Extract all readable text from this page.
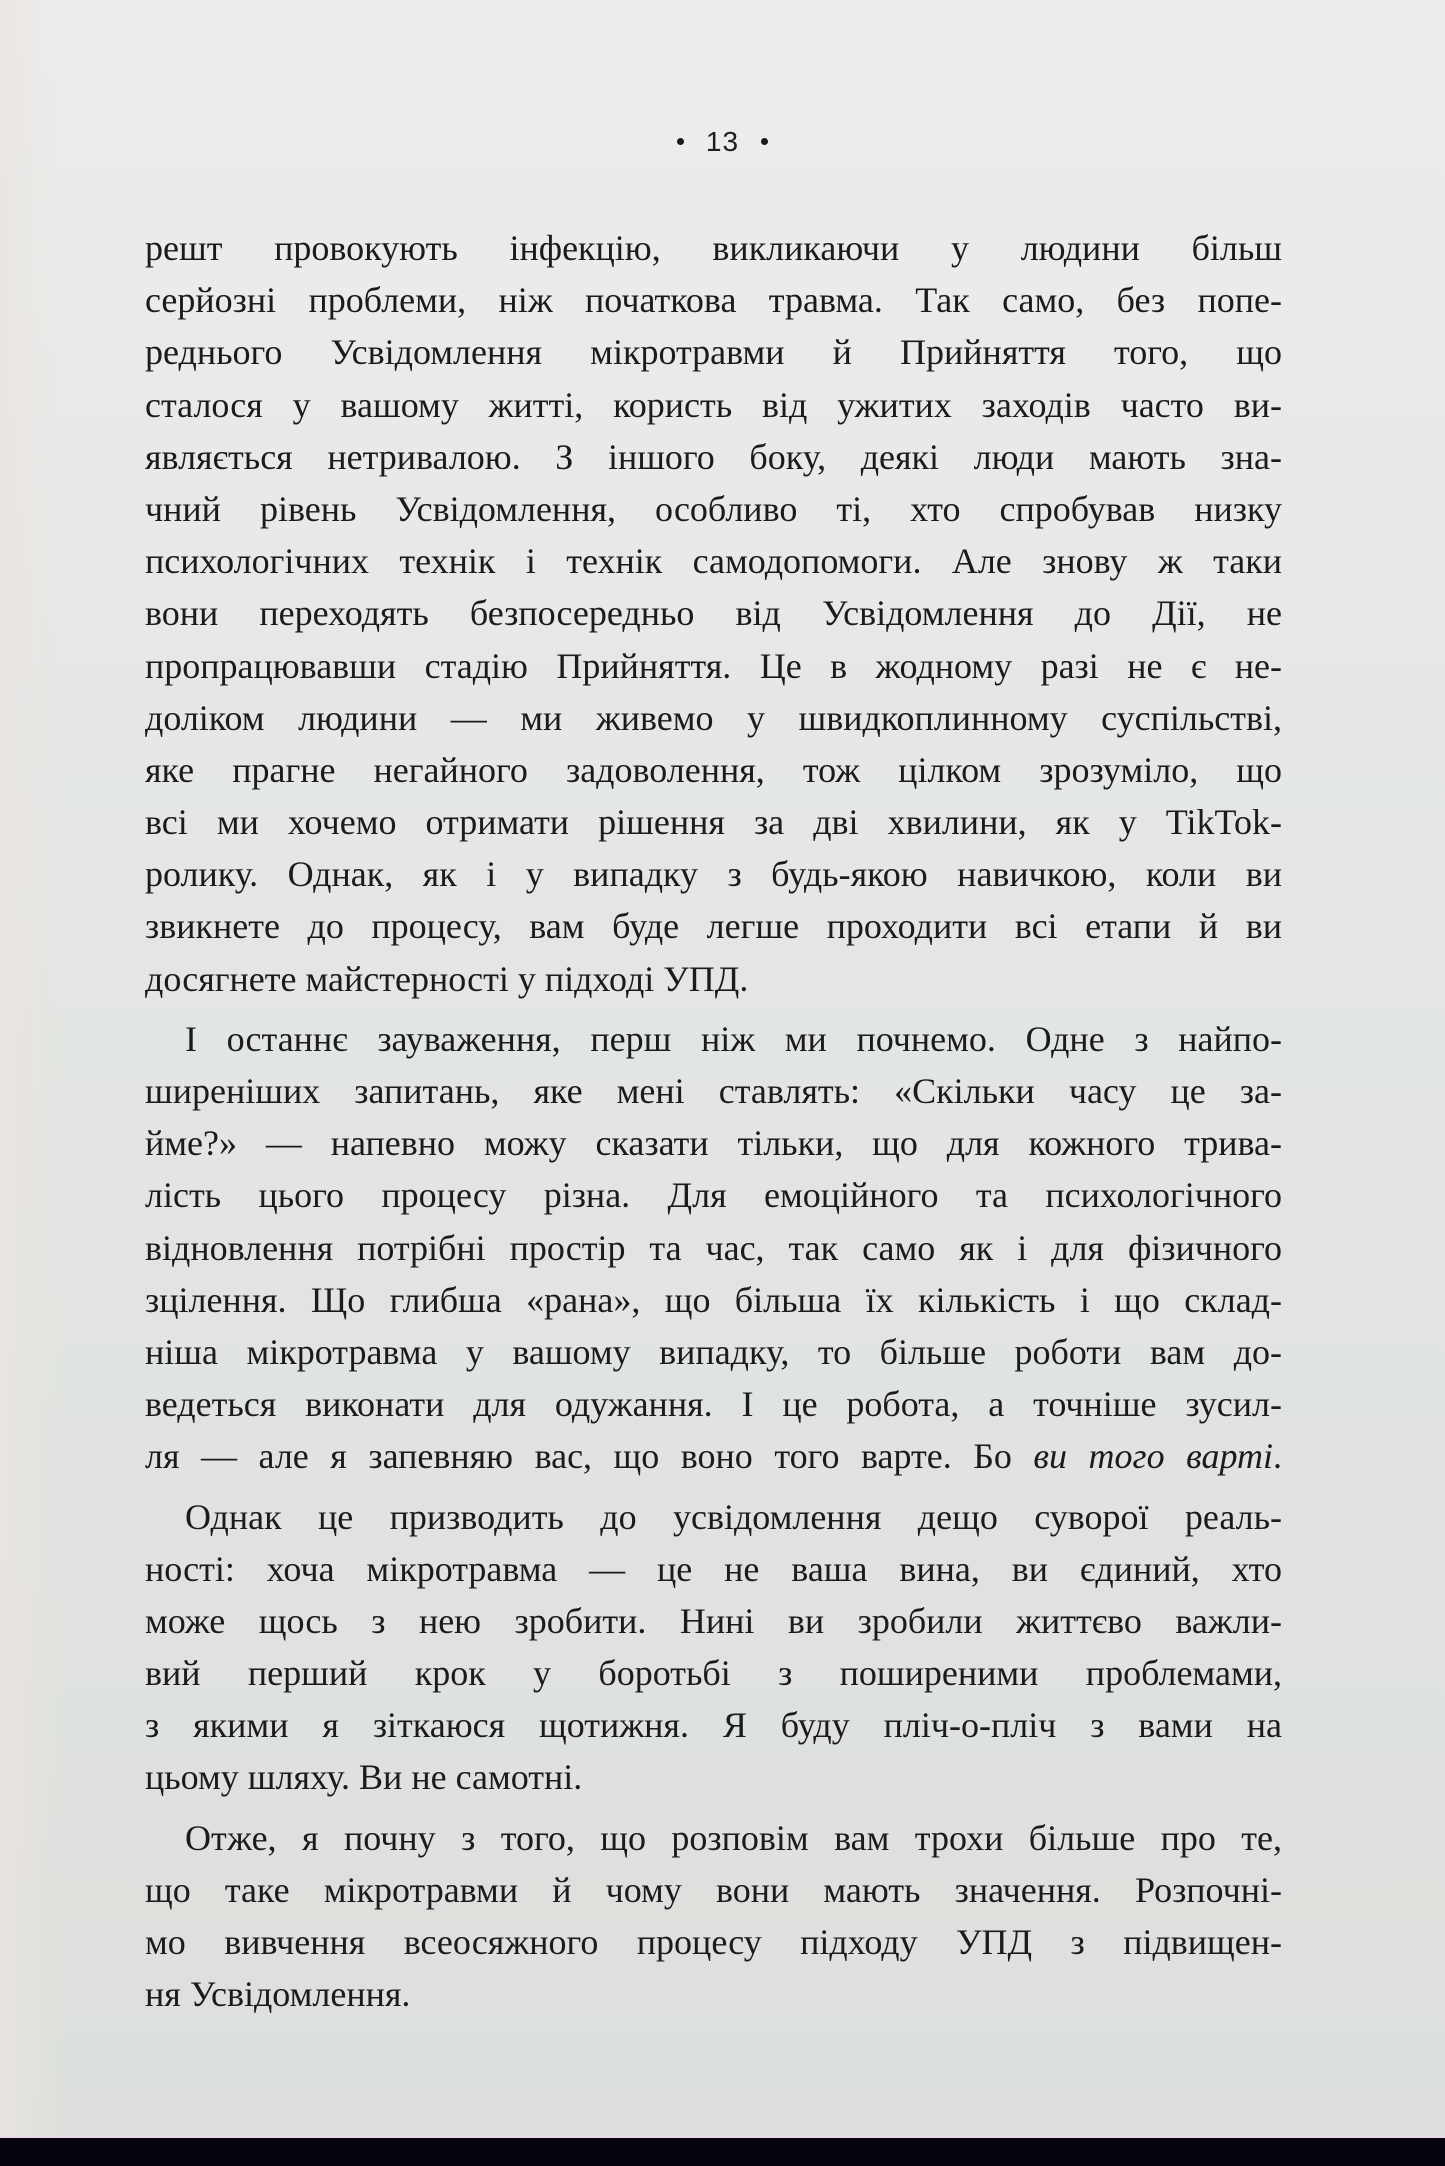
13
решт провокують інфекцію, викликаючи у людини більш
серйозні проблеми, ніж початкова травма. Так само, без попе-
реднього Усвідомлення мікротравми й Прийняття того, що
сталося у вашому житті, користь від ужитих заходів часто ви-
являється нетривалою. З іншого боку, деякі люди мають зна-
чний рівень Усвідомлення, особливо ті, хто спробував низку
психологічних технік і технік самодопомоги. Але знову ж таки
вони переходять безпосередньо від Усвідомлення до Дії, не
пропрацювавши стадію Прийняття. Це в жодному разі не є не-
доліком людини — ми живемо у швидкоплинному суспільстві,
яке прагне негайного задоволення, тож цілком зрозуміло, що
всі ми хочемо отримати рішення за дві хвилини, як у TikTok-
ролику. Однак, як і у випадку з будь-якою навичкою, коли ви
звикнете до процесу, вам буде легше проходити всі етапи й ви
досягнете майстерності у підході УПД.
І останнє зауваження, перш ніж ми почнемо. Одне з найпо-
ширеніших запитань, яке мені ставлять: «Скільки часу це за-
йме?» — напевно можу сказати тільки, що для кожного трива-
лість цього процесу різна. Для емоційного та психологічного
відновлення потрібні простір та час, так само як і для фізичного
зцілення. Що глибша «рана», що більша їх кількість і що склад-
ніша мікротравма у вашому випадку, то більше роботи вам до-
ведеться виконати для одужання. І це робота, а точніше зусил-
ля — але я запевняю вас, що воно того варте. Бо ви того варті.
Однак це призводить до усвідомлення дещо суворої реаль-
ності: хоча мікротравма — це не ваша вина, ви єдиний, хто
може щось з нею зробити. Нині ви зробили життєво важли-
вий перший крок у боротьбі з поширеними проблемами,
з якими я зіткаюся щотижня. Я буду пліч-о-пліч з вами на
цьому шляху. Ви не самотні.
Отже, я почну з того, що розповім вам трохи більше про те,
що таке мікротравми й чому вони мають значення. Розпочні-
мо вивчення всеосяжного процесу підходу УПД з підвищен-
ня Усвідомлення.
